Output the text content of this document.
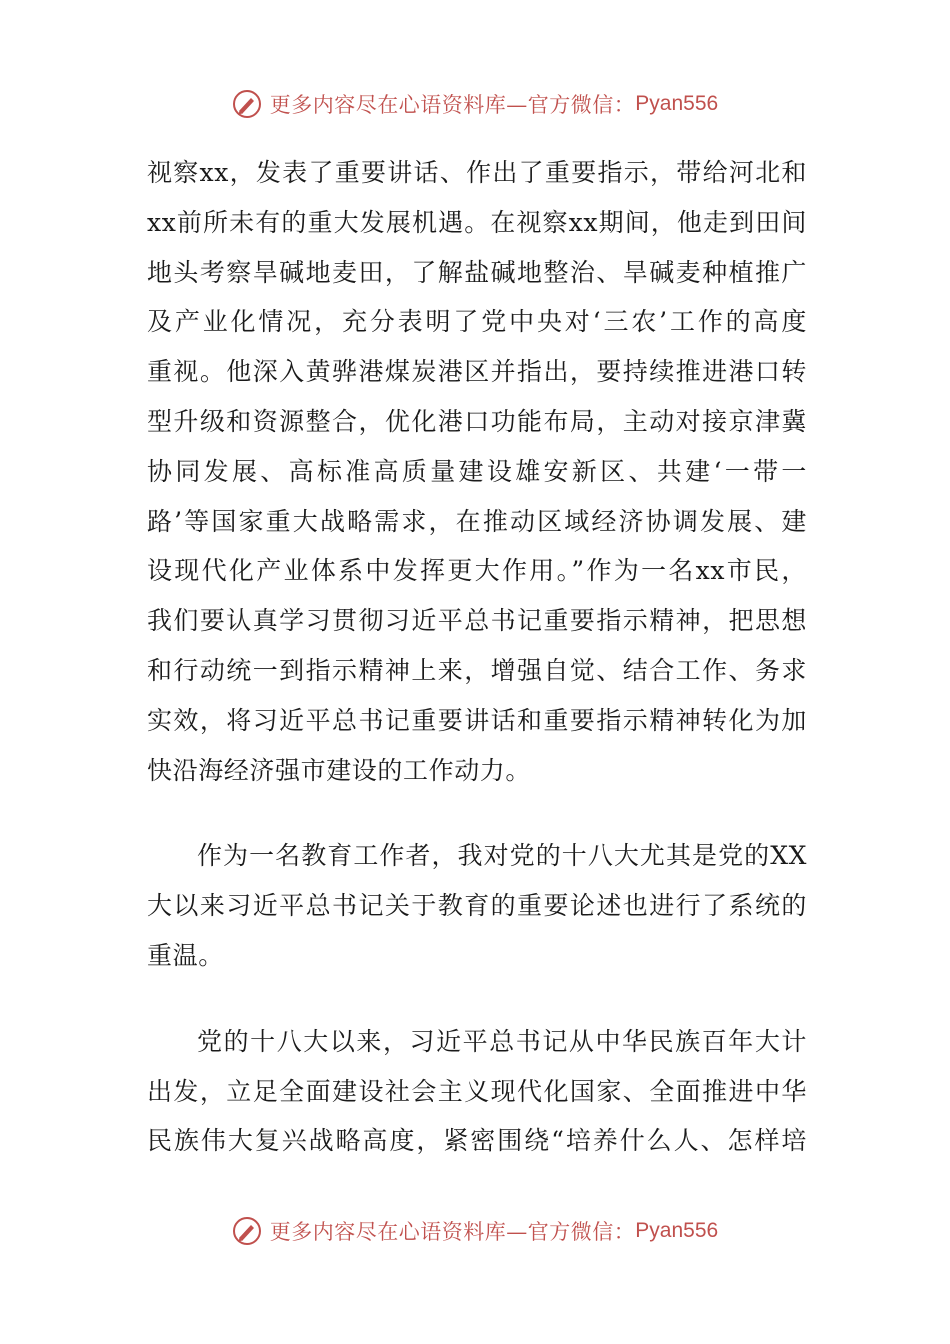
更多内容尽在心语资料库—官方微信： Pyan556
视察xx，发表了重要讲话、作出了重要指示，带给河北和
xx前所未有的重大发展机遇。在视察xx期间，他走到田间
地头考察旱碱地麦田，了解盐碱地整治、旱碱麦种植推广
及产业化情况，充分表明了党中央对‘三农’工作的高度
重视。他深入黄骅港煤炭港区并指出，要持续推进港口转
型升级和资源整合，优化港口功能布局，主动对接京津冀
协同发展、高标准高质量建设雄安新区、共建‘一带一
路’等国家重大战略需求，在推动区域经济协调发展、建
设现代化产业体系中发挥更大作用。”作为一名xx市民，
我们要认真学习贯彻习近平总书记重要指示精神，把思想
和行动统一到指示精神上来，增强自觉、结合工作、务求
实效，将习近平总书记重要讲话和重要指示精神转化为加
快沿海经济强市建设的工作动力。
作为一名教育工作者，我对党的十八大尤其是党的XX
大以来习近平总书记关于教育的重要论述也进行了系统的
重温。
党的十八大以来，习近平总书记从中华民族百年大计
出发，立足全面建设社会主义现代化国家、全面推进中华
民族伟大复兴战略高度，紧密围绕“培养什么人、怎样培
更多内容尽在心语资料库—官方微信： Pyan556
